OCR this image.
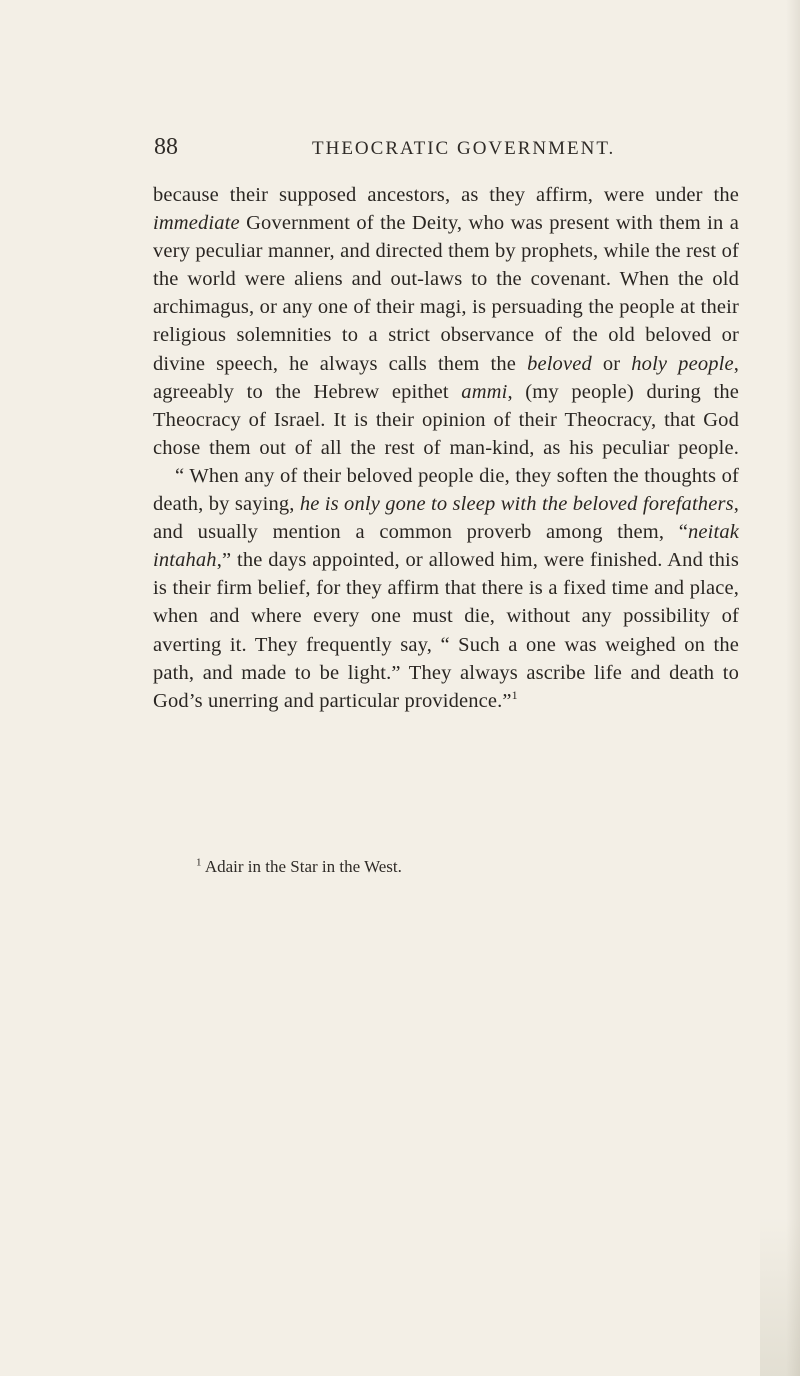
88	THEOCRATIC GOVERNMENT.

because their supposed ancestors, as they affirm, were under the immediate Government of the Deity, who was present with them in a very peculiar manner, and directed them by prophets, while the rest of the world were aliens and out-laws to the covenant. When the old archimagus, or any one of their magi, is persuading the people at their religious solemnities to a strict observance of the old beloved or divine speech, he always calls them the beloved or holy people, agreeably to the Hebrew epithet ammi, (my people) during the Theocracy of Israel. It is their opinion of their Theocracy, that God chose them out of all the rest of man-kind, as his peculiar people.

“ When any of their beloved people die, they soften the thoughts of death, by saying, he is only gone to sleep with the beloved forefathers, and usually mention a common proverb among them, “neitak intahah,” the days appointed, or allowed him, were finished. And this is their firm belief, for they affirm that there is a fixed time and place, when and where every one must die, without any possibility of averting it. They frequently say, “ Such a one was weighed on the path, and made to be light.” They always ascribe life and death to God’s unerring and particular providence.”$^1$

$^1$ Adair in the Star in the West.
